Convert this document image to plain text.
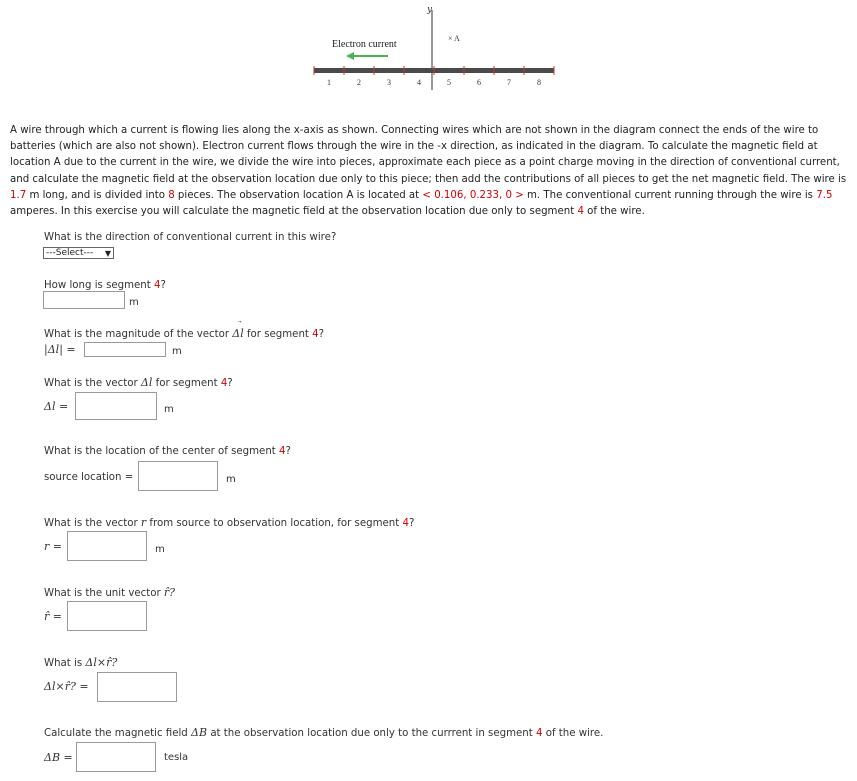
y
Electron current
× A
1	2	3	4	5	6	7	8
A wire through which a current is flowing lies along the x-axis as shown. Connecting wires which are not shown in the diagram connect the ends of the wire to batteries (which are also not shown). Electron current flows through the wire in the -x direction, as indicated in the diagram. To calculate the magnetic field at location A due to the current in the wire, we divide the wire into pieces, approximate each piece as a point charge moving in the direction of conventional current, and calculate the magnetic field at the observation location due only to this piece; then add the contributions of all pieces to get the net magnetic field. The wire is 1.7 m long, and is divided into 8 pieces. The observation location A is located at < 0.106, 0.233, 0 > m. The conventional current running through the wire is 7.5 amperes. In this exercise you will calculate the magnetic field at the observation location due only to segment 4 of the wire.
What is the direction of conventional current in this wire?
---Select--- ▼
How long is segment 4?
m
What is the magnitude of the vector Δl
for segment 4?
|Δl| =	m
What is the vector Δl for segment 4?
Δl =	m
What is the location of the center of segment 4?
source location =	m
What is the vector r from source to observation location, for segment 4?
r =	m
What is the unit vector r̂?
r̂ =
What is Δl×r̂?
Δl×r̂? =
Calculate the magnetic field ΔB at the observation location due only to the currrent in segment 4 of the wire.
ΔB =	tesla
